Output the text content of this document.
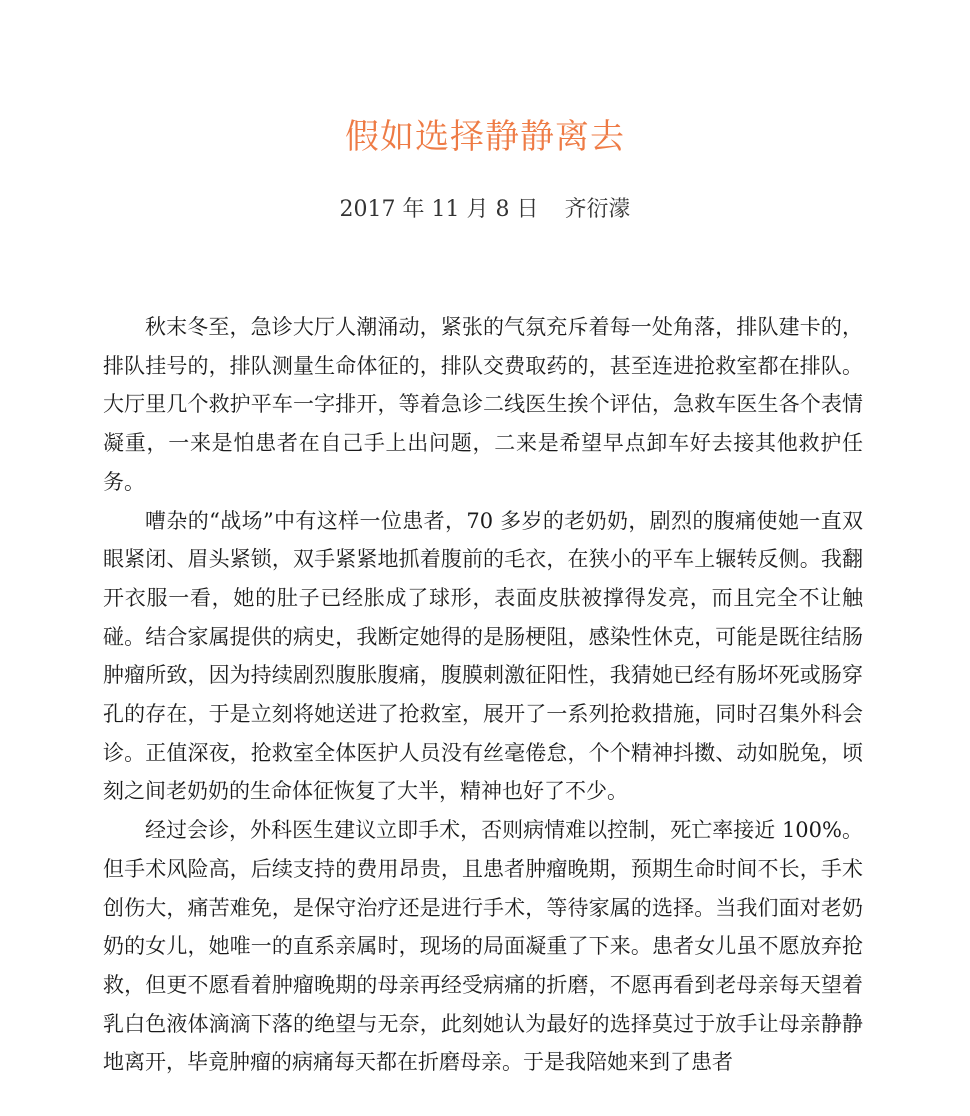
假如选择静静离去
2017 年 11 月 8 日 齐衍濛

秋末冬至，急诊大厅人潮涌动，紧张的气氛充斥着每一处角落，排队建卡的，排队挂号的，排队测量生命体征的，排队交费取药的，甚至连进抢救室都在排队。大厅里几个救护平车一字排开，等着急诊二线医生挨个评估，急救车医生各个表情凝重，一来是怕患者在自己手上出问题，二来是希望早点卸车好去接其他救护任务。

嘈杂的“战场”中有这样一位患者，70 多岁的老奶奶，剧烈的腹痛使她一直双眼紧闭、眉头紧锁，双手紧紧地抓着腹前的毛衣，在狭小的平车上辗转反侧。我翻开衣服一看，她的肚子已经胀成了球形，表面皮肤被撑得发亮，而且完全不让触碰。结合家属提供的病史，我断定她得的是肠梗阻，感染性休克，可能是既往结肠肿瘤所致，因为持续剧烈腹胀腹痛，腹膜刺激征阳性，我猜她已经有肠坏死或肠穿孔的存在，于是立刻将她送进了抢救室，展开了一系列抢救措施，同时召集外科会诊。正值深夜，抢救室全体医护人员没有丝毫倦怠，个个精神抖擞、动如脱兔，顷刻之间老奶奶的生命体征恢复了大半，精神也好了不少。

经过会诊，外科医生建议立即手术，否则病情难以控制，死亡率接近 100%。但手术风险高，后续支持的费用昂贵，且患者肿瘤晚期，预期生命时间不长，手术创伤大，痛苦难免，是保守治疗还是进行手术，等待家属的选择。当我们面对老奶奶的女儿，她唯一的直系亲属时，现场的局面凝重了下来。患者女儿虽不愿放弃抢救，但更不愿看着肿瘤晚期的母亲再经受病痛的折磨，不愿再看到老母亲每天望着乳白色液体滴滴下落的绝望与无奈，此刻她认为最好的选择莫过于放手让母亲静静地离开，毕竟肿瘤的病痛每天都在折磨母亲。于是我陪她来到了患者
